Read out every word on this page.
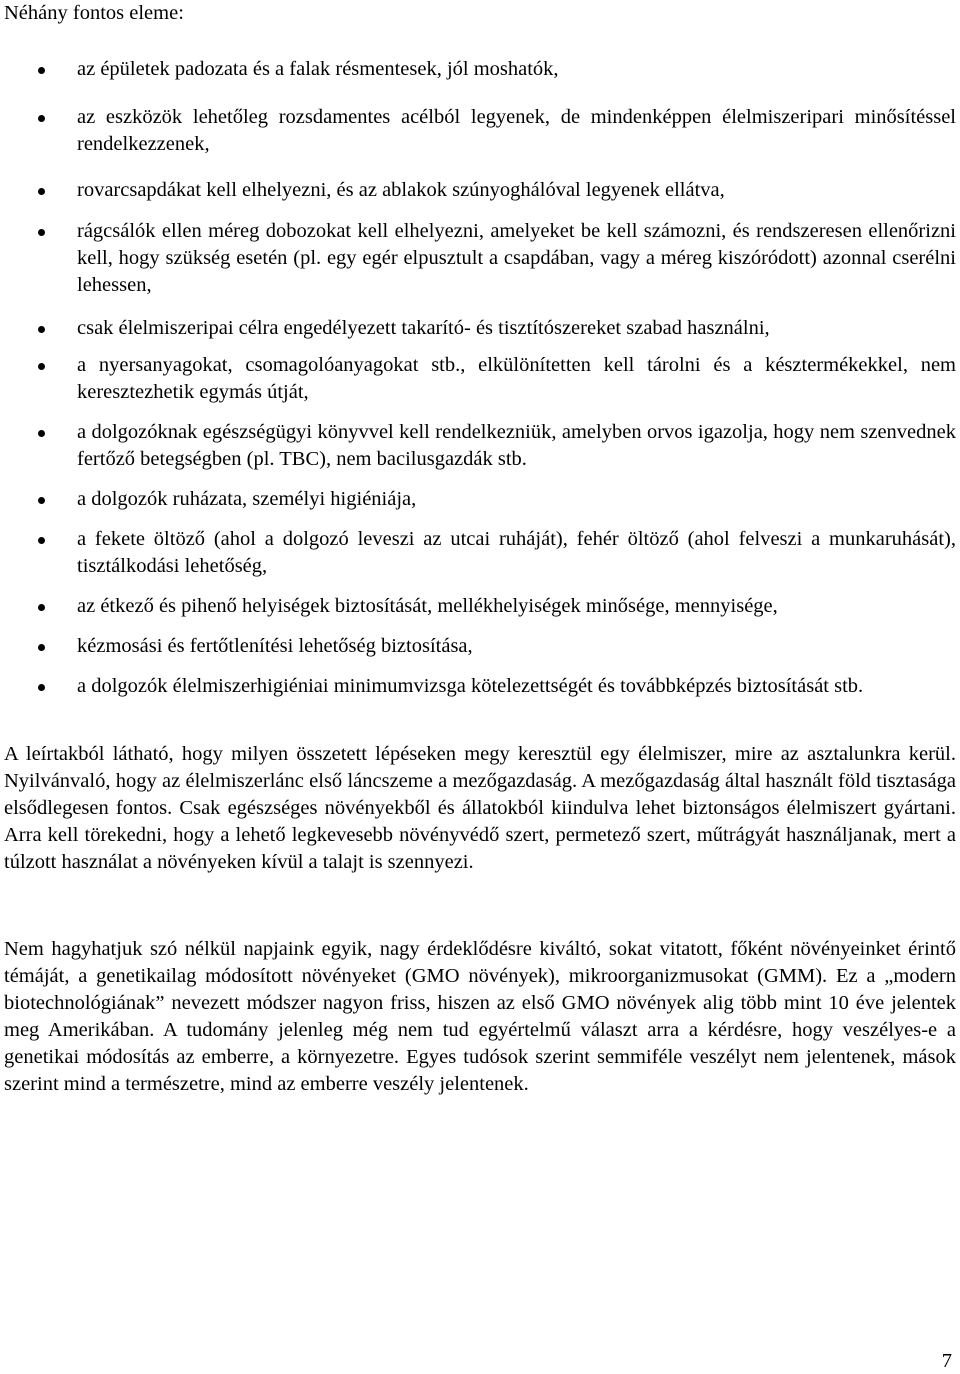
Néhány fontos eleme:

az épületek padozata és a falak résmentesek, jól moshatók,
az eszközök lehetőleg rozsdamentes acélból legyenek, de mindenképpen élelmiszeripari minősítéssel rendelkezzenek,
rovarcsapdákat kell elhelyezni, és az ablakok szúnyoghálóval legyenek ellátva,
rágcsálók ellen méreg dobozokat kell elhelyezni, amelyeket be kell számozni, és rendszeresen ellenőrizni kell, hogy szükség esetén (pl. egy egér elpusztult a csapdában, vagy a méreg kiszóródott) azonnal cserélni lehessen,
csak élelmiszeripai célra engedélyezett takarító- és tisztítószereket szabad használni,
a nyersanyagokat, csomagolóanyagokat stb., elkülönítetten kell tárolni és a késztermékekkel, nem keresztezhetik egymás útját,
a dolgozóknak egészségügyi könyvvel kell rendelkezniük, amelyben orvos igazolja, hogy nem szenvednek fertőző betegségben (pl. TBC), nem bacilusgazdák stb.
a dolgozók ruházata, személyi higiéniája,
a fekete öltöző (ahol a dolgozó leveszi az utcai ruháját), fehér öltöző (ahol felveszi a munkaruhását), tisztálkodási lehetőség,
az étkező és pihenő helyiségek biztosítását, mellékhelyiségek minősége, mennyisége,
kézmosási és fertőtlenítési lehetőség biztosítása,
a dolgozók élelmiszerhigiéniai minimumvizsga kötelezettségét és továbbképzés biztosítását stb.

A leírtakból látható, hogy milyen összetett lépéseken megy keresztül egy élelmiszer, mire az asztalunkra kerül. Nyilvánvaló, hogy az élelmiszerlánc első láncszeme a mezőgazdaság. A mezőgazdaság által használt föld tisztasága elsődlegesen fontos. Csak egészséges növényekből és állatokból kiindulva lehet biztonságos élelmiszert gyártani. Arra kell törekedni, hogy a lehető legkevesebb növényvédő szert, permetező szert, műtrágyát használjanak, mert a túlzott használat a növényeken kívül a talajt is szennyezi.

Nem hagyhatjuk szó nélkül napjaink egyik, nagy érdeklődésre kiváltó, sokat vitatott, főként növényeinket érintő témáját, a genetikailag módosított növényeket (GMO növények), mikroorganizmusokat (GMM). Ez a „modern biotechnológiának” nevezett módszer nagyon friss, hiszen az első GMO növények alig több mint 10 éve jelentek meg Amerikában. A tudomány jelenleg még nem tud egyértelmű választ arra a kérdésre, hogy veszélyes-e a genetikai módosítás az emberre, a környezetre. Egyes tudósok szerint semmiféle veszélyt nem jelentenek, mások szerint mind a természetre, mind az emberre veszély jelentenek.

7
